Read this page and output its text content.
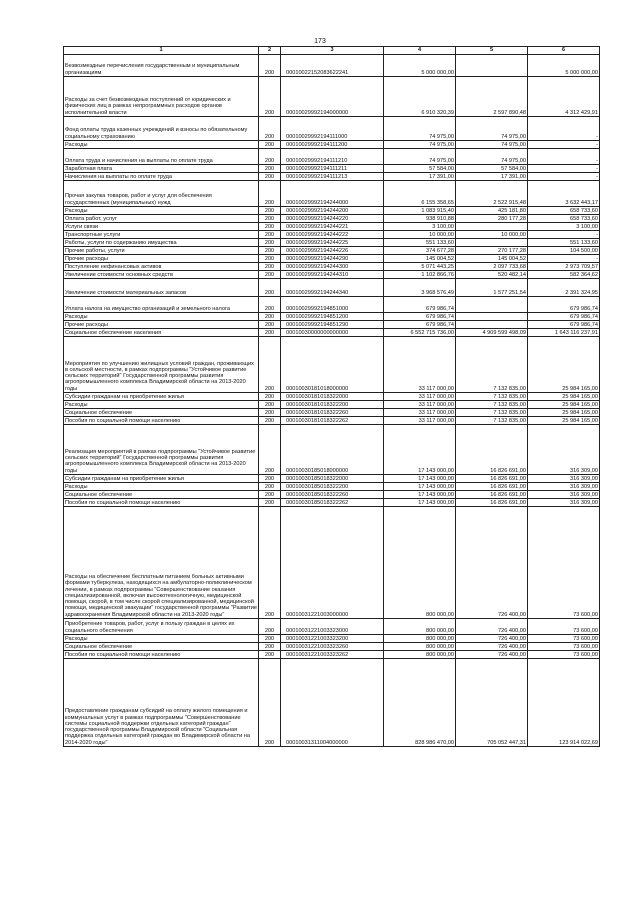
173
1	2	3	4	5	6
Безвозмездные перечисления государственным и муниципальным организациям	200	00010022152083622241	5 000 000,00		5 000 000,00
Расходы за счет безвозмездных поступлений от юридических и физических лиц в рамках непрограммных расходов органов исполнительной власти	200	00010029992194000000	6 910 320,39	2 597 890,48	4 312 429,91
Фонд оплаты труда казенных учреждений и взносы по обязательному социальному страхованию	200	00010029992194111000	74 975,00	74 975,00	-
Расходы	200	00010029992194111200	74 975,00	74 975,00	-
Оплата труда и начисления на выплаты по оплате труда	200	00010029992194111210	74 975,00	74 975,00	-
Заработная плата	200	00010029992194111211	57 584,00	57 584,00	-
Начисления на выплаты по оплате труда	200	00010029992194111213	17 391,00	17 391,00	-
Прочая закупка товаров, работ и услуг для обеспечения государственных (муниципальных) нужд	200	00010029992194244000	6 155 358,65	2 522 915,48	3 632 443,17
Расходы	200	00010029992194244200	1 083 915,40	425 181,80	658 733,60
Оплата работ, услуг	200	00010029992194244220	938 910,88	280 177,28	658 733,60
Услуги связи	200	00010029992194244221	3 100,00		3 100,00
Транспортные услуги	200	00010029992194244222	10 000,00	10 000,00	-
Работы, услуги по содержанию имущества	200	00010029992194244225	551 133,60		551 133,60
Прочие работы, услуги	200	00010029992194244226	374 677,28	270 177,28	104 500,00
Прочие расходы	200	00010029992194244290	145 004,52	145 004,52	-
Поступление нефинансовых активов	200	00010029992194244300	5 071 443,25	2 097 733,68	2 973 709,57
Увеличение стоимости основных средств	200	00010029992194244310	1 102 866,76	520 482,14	582 364,62
Увеличение стоимости материальных запасов	200	00010029992194244340	3 968 576,49	1 577 251,54	2 391 324,95
Уплата налога на имущество организаций и земельного налога	200	00010029992194851000	679 986,74		679 986,74
Расходы	200	00010029992194851200	679 986,74		679 986,74
Прочие расходы	200	00010029992194851290	679 986,74		679 986,74
Социальное обеспечение населения	200	00010030000000000000	6 552 715 736,00	4 909 599 498,09	1 643 116 237,91
Мероприятия по улучшению жилищных условий граждан, проживающих в сельской местности, в рамках подпрограммы "Устойчивое развитие сельских территорий" Государственной программы развития агропромышленного комплекса Владимирской области на 2013-2020 годы	200	00010030181018000000	33 117 000,00	7 132 835,00	25 984 165,00
Субсидии гражданам на приобретение жилья	200	00010030181018322000	33 117 000,00	7 132 835,00	25 984 165,00
Расходы	200	00010030181018322200	33 117 000,00	7 132 835,00	25 984 165,00
Социальное обеспечение	200	00010030181018322260	33 117 000,00	7 132 835,00	25 984 165,00
Пособия по социальной помощи населению	200	00010030181018322262	33 117 000,00	7 132 835,00	25 984 165,00
Реализация мероприятий в рамках подпрограммы "Устойчивое развитие сельских территорий" Государственной программы развития агропромышленного комплекса Владимирской области на 2013-2020 годы	200	00010030185018000000	17 143 000,00	16 826 691,00	316 309,00
Субсидии гражданам на приобретение жилья	200	00010030185018322000	17 143 000,00	16 826 691,00	316 309,00
Расходы	200	00010030185018322200	17 143 000,00	16 826 691,00	316 309,00
Социальное обеспечение	200	00010030185018322260	17 143 000,00	16 826 691,00	316 309,00
Пособия по социальной помощи населению	200	00010030185018322262	17 143 000,00	16 826 691,00	316 309,00
Расходы на обеспечение бесплатным питанием больных активными формами туберкулеза, находящихся на амбулаторно-поликлиническом лечении, в рамках подпрограммы "Совершенствование оказания специализированной, включая высокотехнологичную, медицинской помощи, скорой, в том числе скорой специализированной, медицинской помощи, медицинской эвакуации" государственной программы "Развитие здравоохранения Владимирской области на 2013-2020 годы"	200	00010031221003000000	800 000,00	726 400,00	73 600,00
Приобретение товаров, работ, услуг в пользу граждан в целях их социального обеспечения	200	00010031221003323000	800 000,00	726 400,00	73 600,00
Расходы	200	00010031221003323200	800 000,00	726 400,00	73 600,00
Социальное обеспечение	200	00010031221003323260	800 000,00	726 400,00	73 600,00
Пособия по социальной помощи населению	200	00010031221003323262	800 000,00	726 400,00	73 600,00
Предоставление гражданам субсидий на оплату жилого помещения и коммунальных услуг в рамках подпрограммы "Совершенствование системы социальной поддержки отдельных категорий граждан" государственной программы Владимирской области "Социальная поддержка отдельных категорий граждан во Владимирской области на 2014-2020 годы"	200	00010031311004000000	828 986 470,00	705 052 447,31	123 914 022,69
